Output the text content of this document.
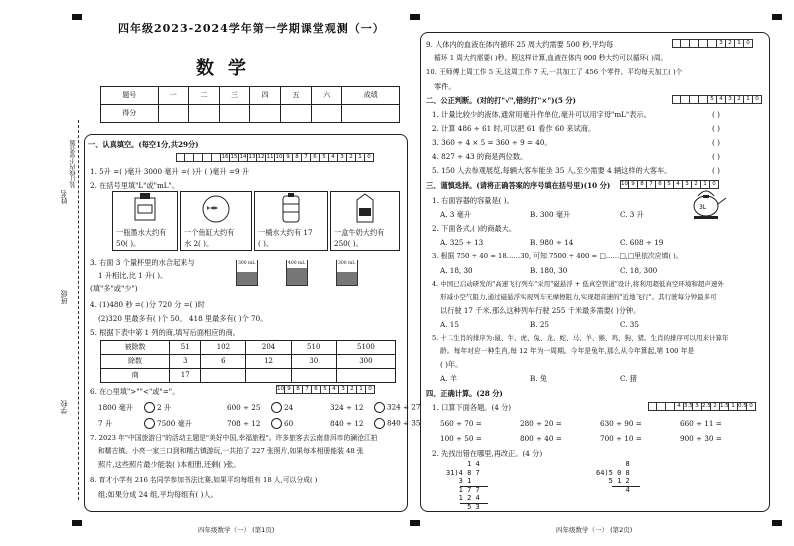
姓名
班级
学校
装订线内不要答题
四年级2023-2024学年第一学期课堂观测（一）
数学
题号	一	二	三	四	五	六	成绩
得分							
一、认真填空。(每空1分,共29分)
16 15 14 13 12 11 10 9	8	7	6	5	4	3	2	1	0
1. 5升 =( )毫升 3000 毫升 =( )升 ( )毫升 =9 升
2. 在括号里填"L"或"mL"。
一瓶墨水大约有
50( )。
一个鱼缸大约有
水 2( )。
一桶水大约有 17
( )。
一盒牛奶大约有
250( )。
3. 右面 3 个量杯里的水合起来与
1 升相比,比 1 升( )。
(填"多"或"少")
300 mL	400 mL	300 mL
4. (1)480 秒 =( )分 720 分 =( )时
(2)320 里最多有( )个 50。 418 里最多有( )个 70。
5. 根据下表中第 1 列的商,填写后面相应的商。
被除数	51	102	204	510	5100
除数	3	6	12	30	300
商	17				
6. 在○里填">""<"或"="。	10 9	8	7	6	5	4	3	2	1	0
1800 毫升	2 升	600 ÷ 25	24	324 ÷ 12	324 ÷ 27
7 升	7500 毫升	708 ÷ 12	60	840 ÷ 12	840 ÷ 35
7. 2023 年"中国旅游日"的活动主题是"美好中国,幸福旅程"。许多旅客去云南普洱市的澜沧江拍
和糯古镇。小亮一家三口到和糯古镇游玩,一共拍了 227 张照片,如果每本相册能装 48 张
照片,这些照片最少能装( )本相册,还剩( )张。
8. 育才小学有 216 名同学参加书法比赛,如果平均每组有 18 人,可以分成( )
组;如果分成 24 组,平均每组有( )人。
四年级数学（一） (第1页)
9. 人体内的血液在体内循环 25 周大约需要 500 秒,平均每	3	2	1	0
循环 1 周大约需要( )秒。照这样计算,血液在体内 900 秒大约可以循环( )周。
10. 王师傅上周工作 5 天,这周工作 7 天,一共加工了 456 个零件。平均每天加工( )个
零件。
二、公正判断。(对的打"√",错的打"×")(5 分)	5	4	3	2	1	0
1. 计量比较少的液体,通常用毫升作单位,毫升可以用字母"mL"表示。	( )
2. 计算 486 ÷ 61 时,可以把 61 看作 60 来试商。	( )
3. 360 ÷ 4 × 5 = 360 ÷ 9 = 40。	( )
4. 827 ÷ 43 的商是两位数。	( )
5. 150 人去参观展览,每辆大客车能坐 35 人,至少需要 4 辆这样的大客车。	( )
三、谨慎选择。(请将正确答案的序号填在括号里)(10 分) 10 9	8	7	6	5	4	3	2	1	0
1. 右面容器的容量是( )。
A. 3 毫升	B. 300 毫升	C. 3 升
3L
2. 下面各式,( )的商最大。
A. 325 ÷ 13	B. 980 ÷ 14	C. 608 ÷ 19
3. 根据 750 ÷ 40 = 18……30, 可知 7500 ÷ 400 = □……□,□里依次应填( )。
A. 18, 30	B. 180, 30	C. 18, 300
4. 中国已启动研发的"高速飞行列车"采用"磁悬浮 + 低真空管道"设计,将利用超低真空环境和超声速外
形减小空气阻力,通过磁悬浮实现列车无摩擦阻力,实现超音速的"近地飞行"。其行驶每分钟最多可
以行驶 17 千米,那么这种列车行驶 255 千米最多需要( )分钟。
A. 15	B. 25	C. 35
5. 十二生肖的排序为:鼠、牛、虎、兔、龙、蛇、马、羊、猴、鸡、狗、猪。生肖的排序可以用来计算年
龄。每年对应一种生肖,每 12 年为一周期。今年是兔年,那么从今年算起,第 100 年是
( )年。
A. 羊	B. 兔	C. 猪
四、正确计算。(28 分)
1. 口算下面各题。(4 分)	4 3.5 3 2.5 2 1.5 1 0.5 0
560 ÷ 70 =	280 ÷ 20 =	630 ÷ 90 =	660 ÷ 11 =
100 ÷ 50 =	800 ÷ 40 =	700 ÷ 10 =	900 ÷ 30 =
2. 先找出错在哪里,再改正。(4 分)
1 4
31)4 8 7
3 1
1 7 7
1 2 4
5 3
8
64)5 0 8
5 1 2
4
四年级数学（一） (第2页)
